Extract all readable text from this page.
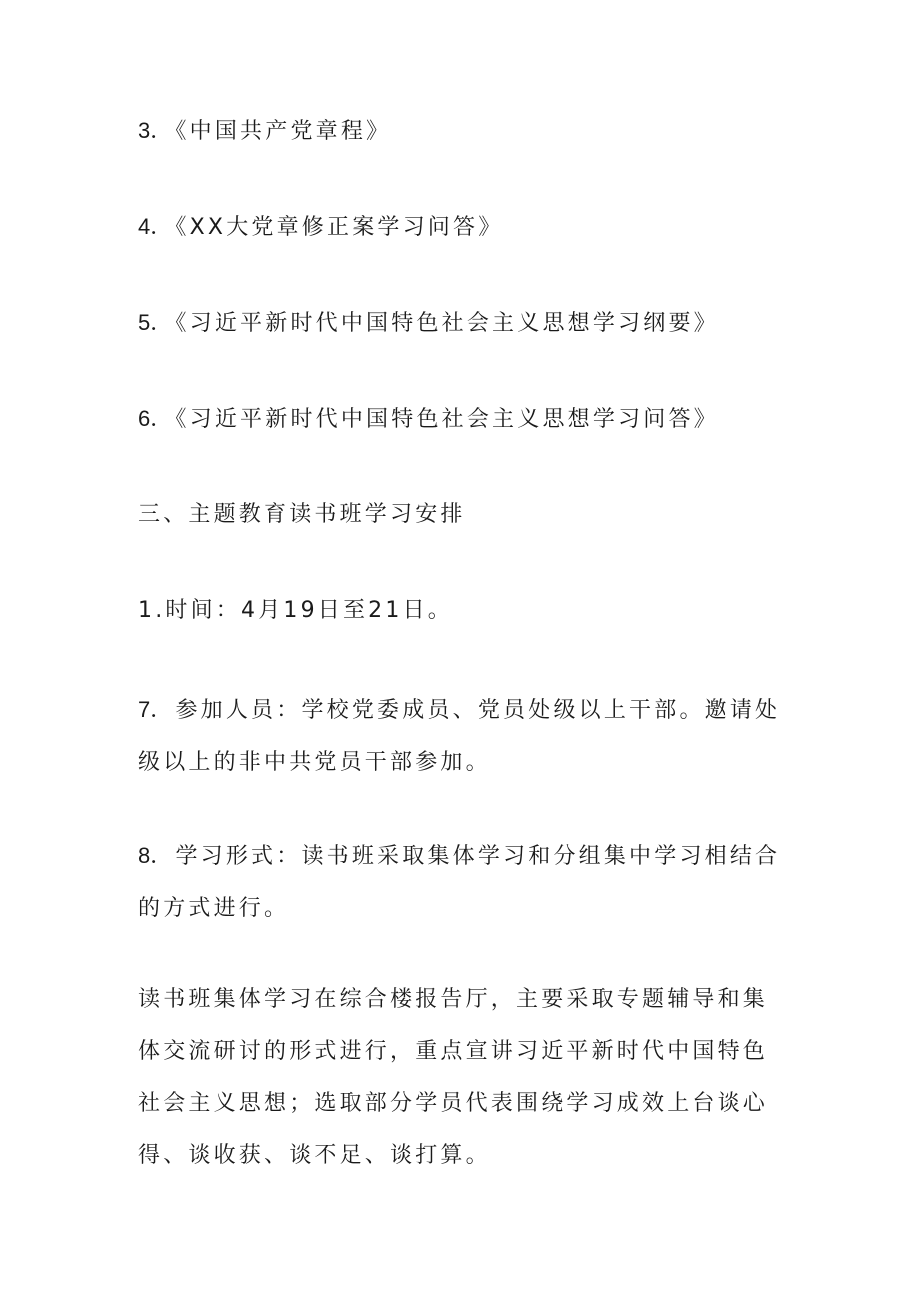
3．《中国共产党章程》
4．《XX大党章修正案学习问答》
5．《习近平新时代中国特色社会主义思想学习纲要》
6．《习近平新时代中国特色社会主义思想学习问答》
三、主题教育读书班学习安排
1.时间：4月19日至21日。
7．参加人员：学校党委成员、党员处级以上干部。邀请处级以上的非中共党员干部参加。
8．学习形式：读书班采取集体学习和分组集中学习相结合的方式进行。
读书班集体学习在综合楼报告厅，主要采取专题辅导和集体交流研讨的形式进行，重点宣讲习近平新时代中国特色社会主义思想；选取部分学员代表围绕学习成效上台谈心得、谈收获、谈不足、谈打算。
